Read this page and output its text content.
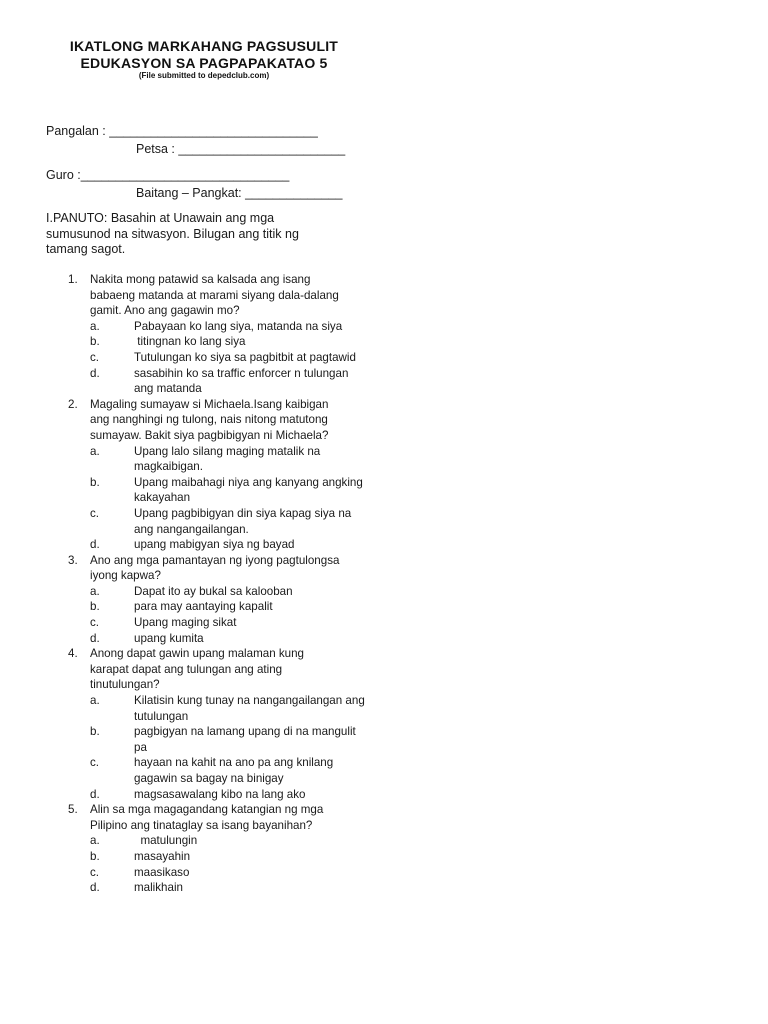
IKATLONG MARKAHANG PAGSUSULIT
EDUKASYON SA PAGPAPAKATAO 5
(File submitted to depedclub.com)
Pangalan : ______________________________
Petsa : ________________________
Guro :______________________________
Baitang – Pangkat: ______________
I.PANUTO: Basahin at Unawain ang mga
sumusunod na sitwasyon. Bilugan ang titik ng
tamang sagot.
1. Nakita mong patawid sa kalsada ang isang
babaeng matanda at marami siyang dala-dalang
gamit. Ano ang gagawin mo?
a.	Pabayaan ko lang siya, matanda na siya
b.	titingnan ko lang siya
c.	Tutulungan ko siya sa pagbitbit at pagtawid
d.	sasabihin ko sa traffic enforcer n tulungan
ang matanda
2. Magaling sumayaw si Michaela.Isang kaibigan
ang nanghingi ng tulong, nais nitong matutong
sumayaw. Bakit siya pagbibigyan ni Michaela?
a.	Upang lalo silang maging matalik na
magkaibigan.
b.	Upang maibahagi niya ang kanyang angking
kakayahan
c.	Upang pagbibigyan din siya kapag siya na
ang nangangailangan.
d.	upang mabigyan siya ng bayad
3. Ano ang mga pamantayan ng iyong pagtulongsa
iyong kapwa?
a.	Dapat ito ay bukal sa kalooban
b.	para may aantaying kapalit
c.	Upang maging sikat
d.	upang kumita
4. Anong dapat gawin upang malaman kung
karapat dapat ang tulungan ang ating
tinutulungan?
a.	Kilatisin kung tunay na nangangailangan ang
tutulungan
b.	pagbigyan na lamang upang di na mangulit
pa
c.	hayaan na kahit na ano pa ang knilang
gagawin sa bagay na binigay
d.	magsasawalang kibo na lang ako
5. Alin sa mga magagandang katangian ng mga
Pilipino ang tinataglay sa isang bayanihan?
a.	matulungin
b.	masayahin
c.	maasikaso
d.	malikhain
